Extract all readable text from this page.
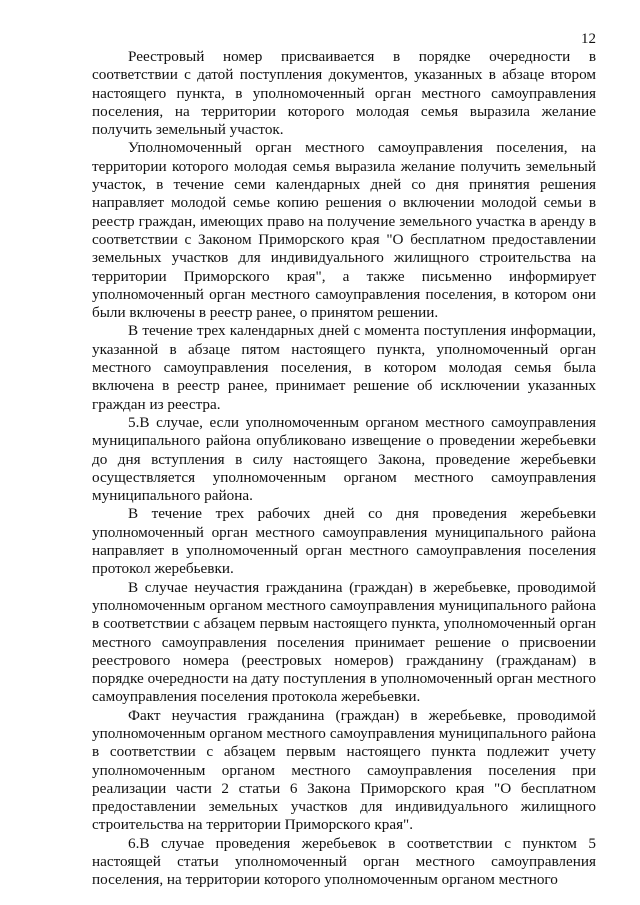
12

Реестровый номер присваивается в порядке очередности в соответствии с датой поступления документов, указанных в абзаце втором настоящего пункта, в уполномоченный орган местного самоуправления поселения, на территории которого молодая семья выразила желание получить земельный участок.

Уполномоченный орган местного самоуправления поселения, на территории которого молодая семья выразила желание получить земельный участок, в течение семи календарных дней со дня принятия решения направляет молодой семье копию решения о включении молодой семьи в реестр граждан, имеющих право на получение земельного участка в аренду в соответствии с Законом Приморского края "О бесплатном предоставлении земельных участков для индивидуального жилищного строительства на территории Приморского края", а также письменно информирует уполномоченный орган местного самоуправления поселения, в котором они были включены в реестр ранее, о принятом решении.

В течение трех календарных дней с момента поступления информации, указанной в абзаце пятом настоящего пункта, уполномоченный орган местного самоуправления поселения, в котором молодая семья была включена в реестр ранее, принимает решение об исключении указанных граждан из реестра.

5.В случае, если уполномоченным органом местного самоуправления муниципального района опубликовано извещение о проведении жеребьевки до дня вступления в силу настоящего Закона, проведение жеребьевки осуществляется уполномоченным органом местного самоуправления муниципального района.

В течение трех рабочих дней со дня проведения жеребьевки уполномоченный орган местного самоуправления муниципального района направляет в уполномоченный орган местного самоуправления поселения протокол жеребьевки.

В случае неучастия гражданина (граждан) в жеребьевке, проводимой уполномоченным органом местного самоуправления муниципального района в соответствии с абзацем первым настоящего пункта, уполномоченный орган местного самоуправления поселения принимает решение о присвоении реестрового номера (реестровых номеров) гражданину (гражданам) в порядке очередности на дату поступления в уполномоченный орган местного самоуправления поселения протокола жеребьевки.

Факт неучастия гражданина (граждан) в жеребьевке, проводимой уполномоченным органом местного самоуправления муниципального района в соответствии с абзацем первым настоящего пункта подлежит учету уполномоченным органом местного самоуправления поселения при реализации части 2 статьи 6 Закона Приморского края "О бесплатном предоставлении земельных участков для индивидуального жилищного строительства на территории Приморского края".

6.В случае проведения жеребьевок в соответствии с пунктом 5 настоящей статьи уполномоченный орган местного самоуправления поселения, на территории которого уполномоченным органом местного
